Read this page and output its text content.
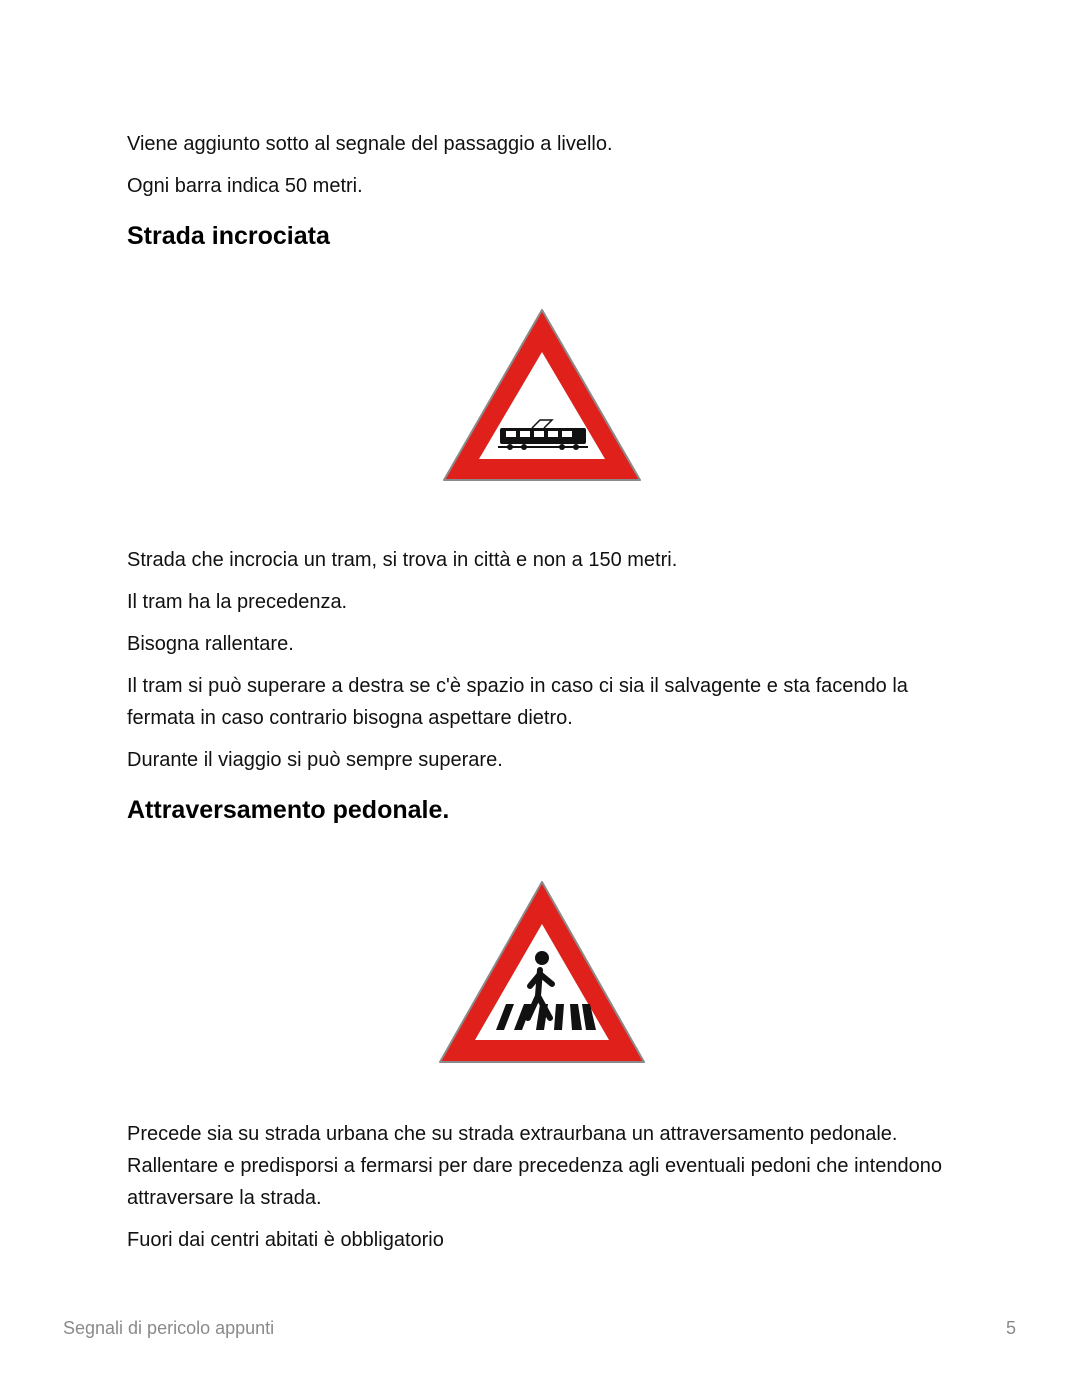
Viene aggiunto sotto al segnale del passaggio a livello.

Ogni barra indica 50 metri.

Strada incrociata

Strada che incrocia un tram, si trova in città e non a 150 metri.

Il tram ha la precedenza.

Bisogna rallentare.

Il tram si può superare a destra se c'è spazio in caso ci sia il salvagente e sta facendo la fermata in caso contrario bisogna aspettare dietro.

Durante il viaggio si può sempre superare.

Attraversamento pedonale.

Precede sia su strada urbana che su strada extraurbana un attraversamento pedonale. Rallentare e predisporsi a fermarsi per dare precedenza agli eventuali pedoni che intendono attraversare la strada.

Fuori dai centri abitati è obbligatorio

Segnali di pericolo appunti	5
